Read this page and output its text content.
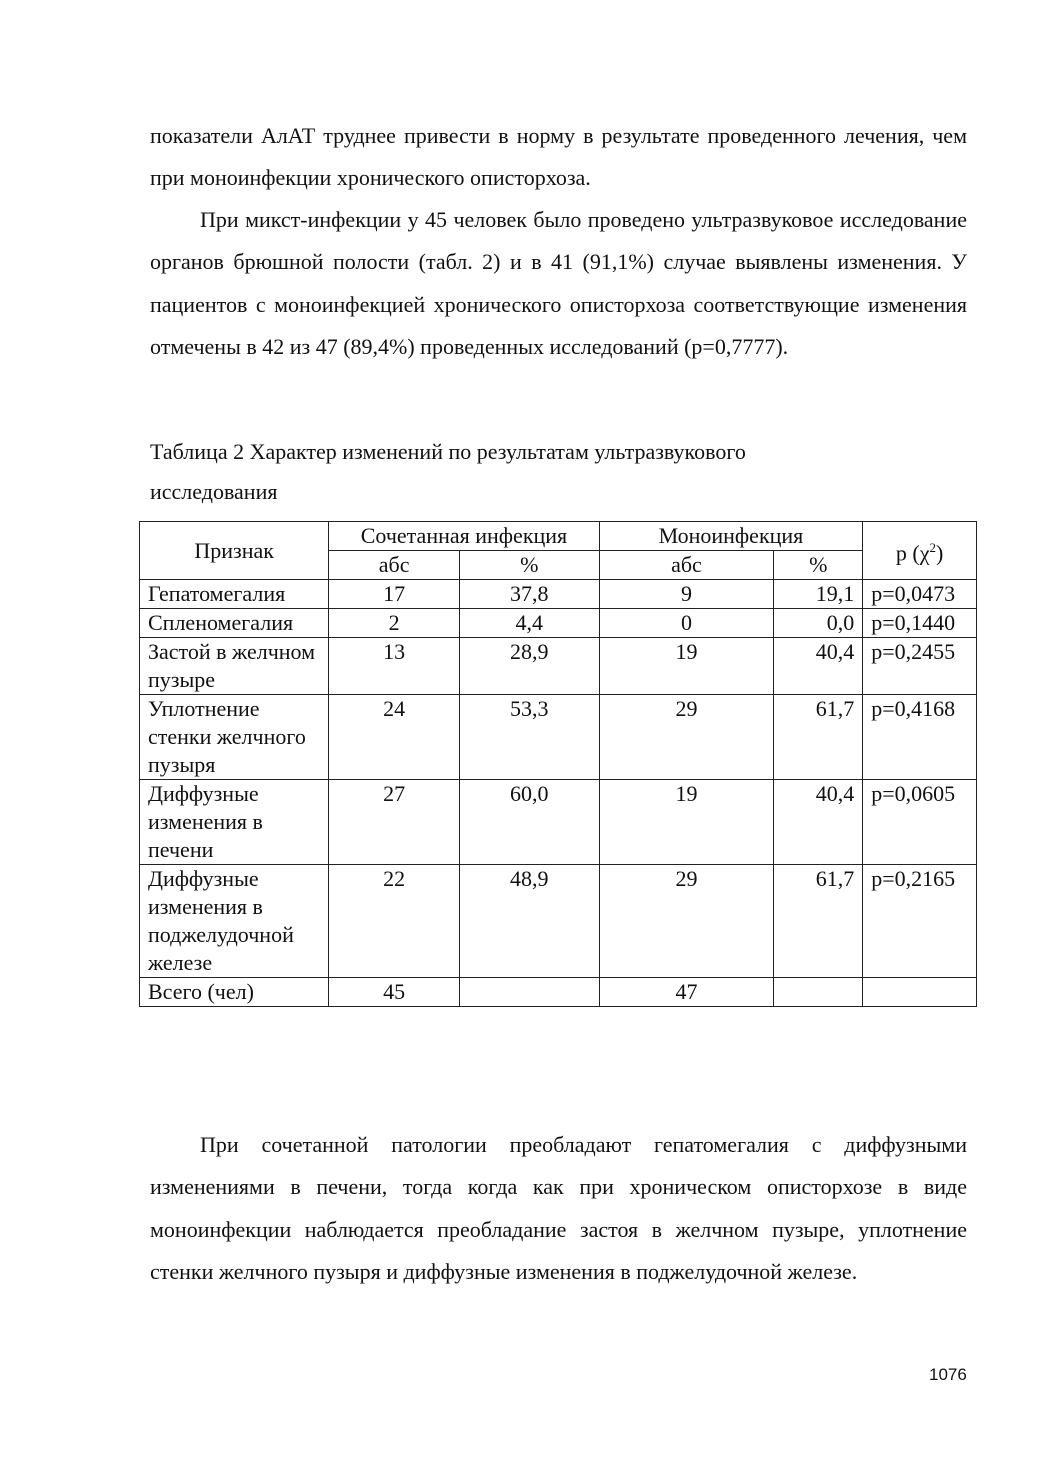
показатели АлАТ труднее привести в норму в результате проведенного лечения, чем при моноинфекции хронического описторхоза.

При микст-инфекции у 45 человек было проведено ультразвуковое исследование органов брюшной полости (табл. 2) и в 41 (91,1%) случае выявлены изменения. У пациентов с моноинфекцией хронического описторхоза соответствующие изменения отмечены в 42 из 47 (89,4%) проведенных исследований (р=0,7777).

Таблица 2 Характер изменений по результатам ультразвукового исследования
Признак	Сочетанная инфекция		Моноинфекция		р $(\chi^2)$
	абс	%	абс	%	
Гепатомегалия	17	37,8	9	19,1	р=0,0473
Спленомегалия	2	4,4	0	0,0	р=0,1440
Застой в желчном пузыре	13	28,9	19	40,4	р=0,2455
Уплотнение стенки желчного пузыря	24	53,3	29	61,7	р=0,4168
Диффузные изменения в печени	27	60,0	19	40,4	р=0,0605
Диффузные изменения в поджелудочной железе	22	48,9	29	61,7	р=0,2165
Всего (чел)	45		47		

При сочетанной патологии преобладают гепатомегалия с диффузными изменениями в печени, тогда когда как при хроническом описторхозе в виде моноинфекции наблюдается преобладание застоя в желчном пузыре, уплотнение стенки желчного пузыря и диффузные изменения в поджелудочной железе.

1076
